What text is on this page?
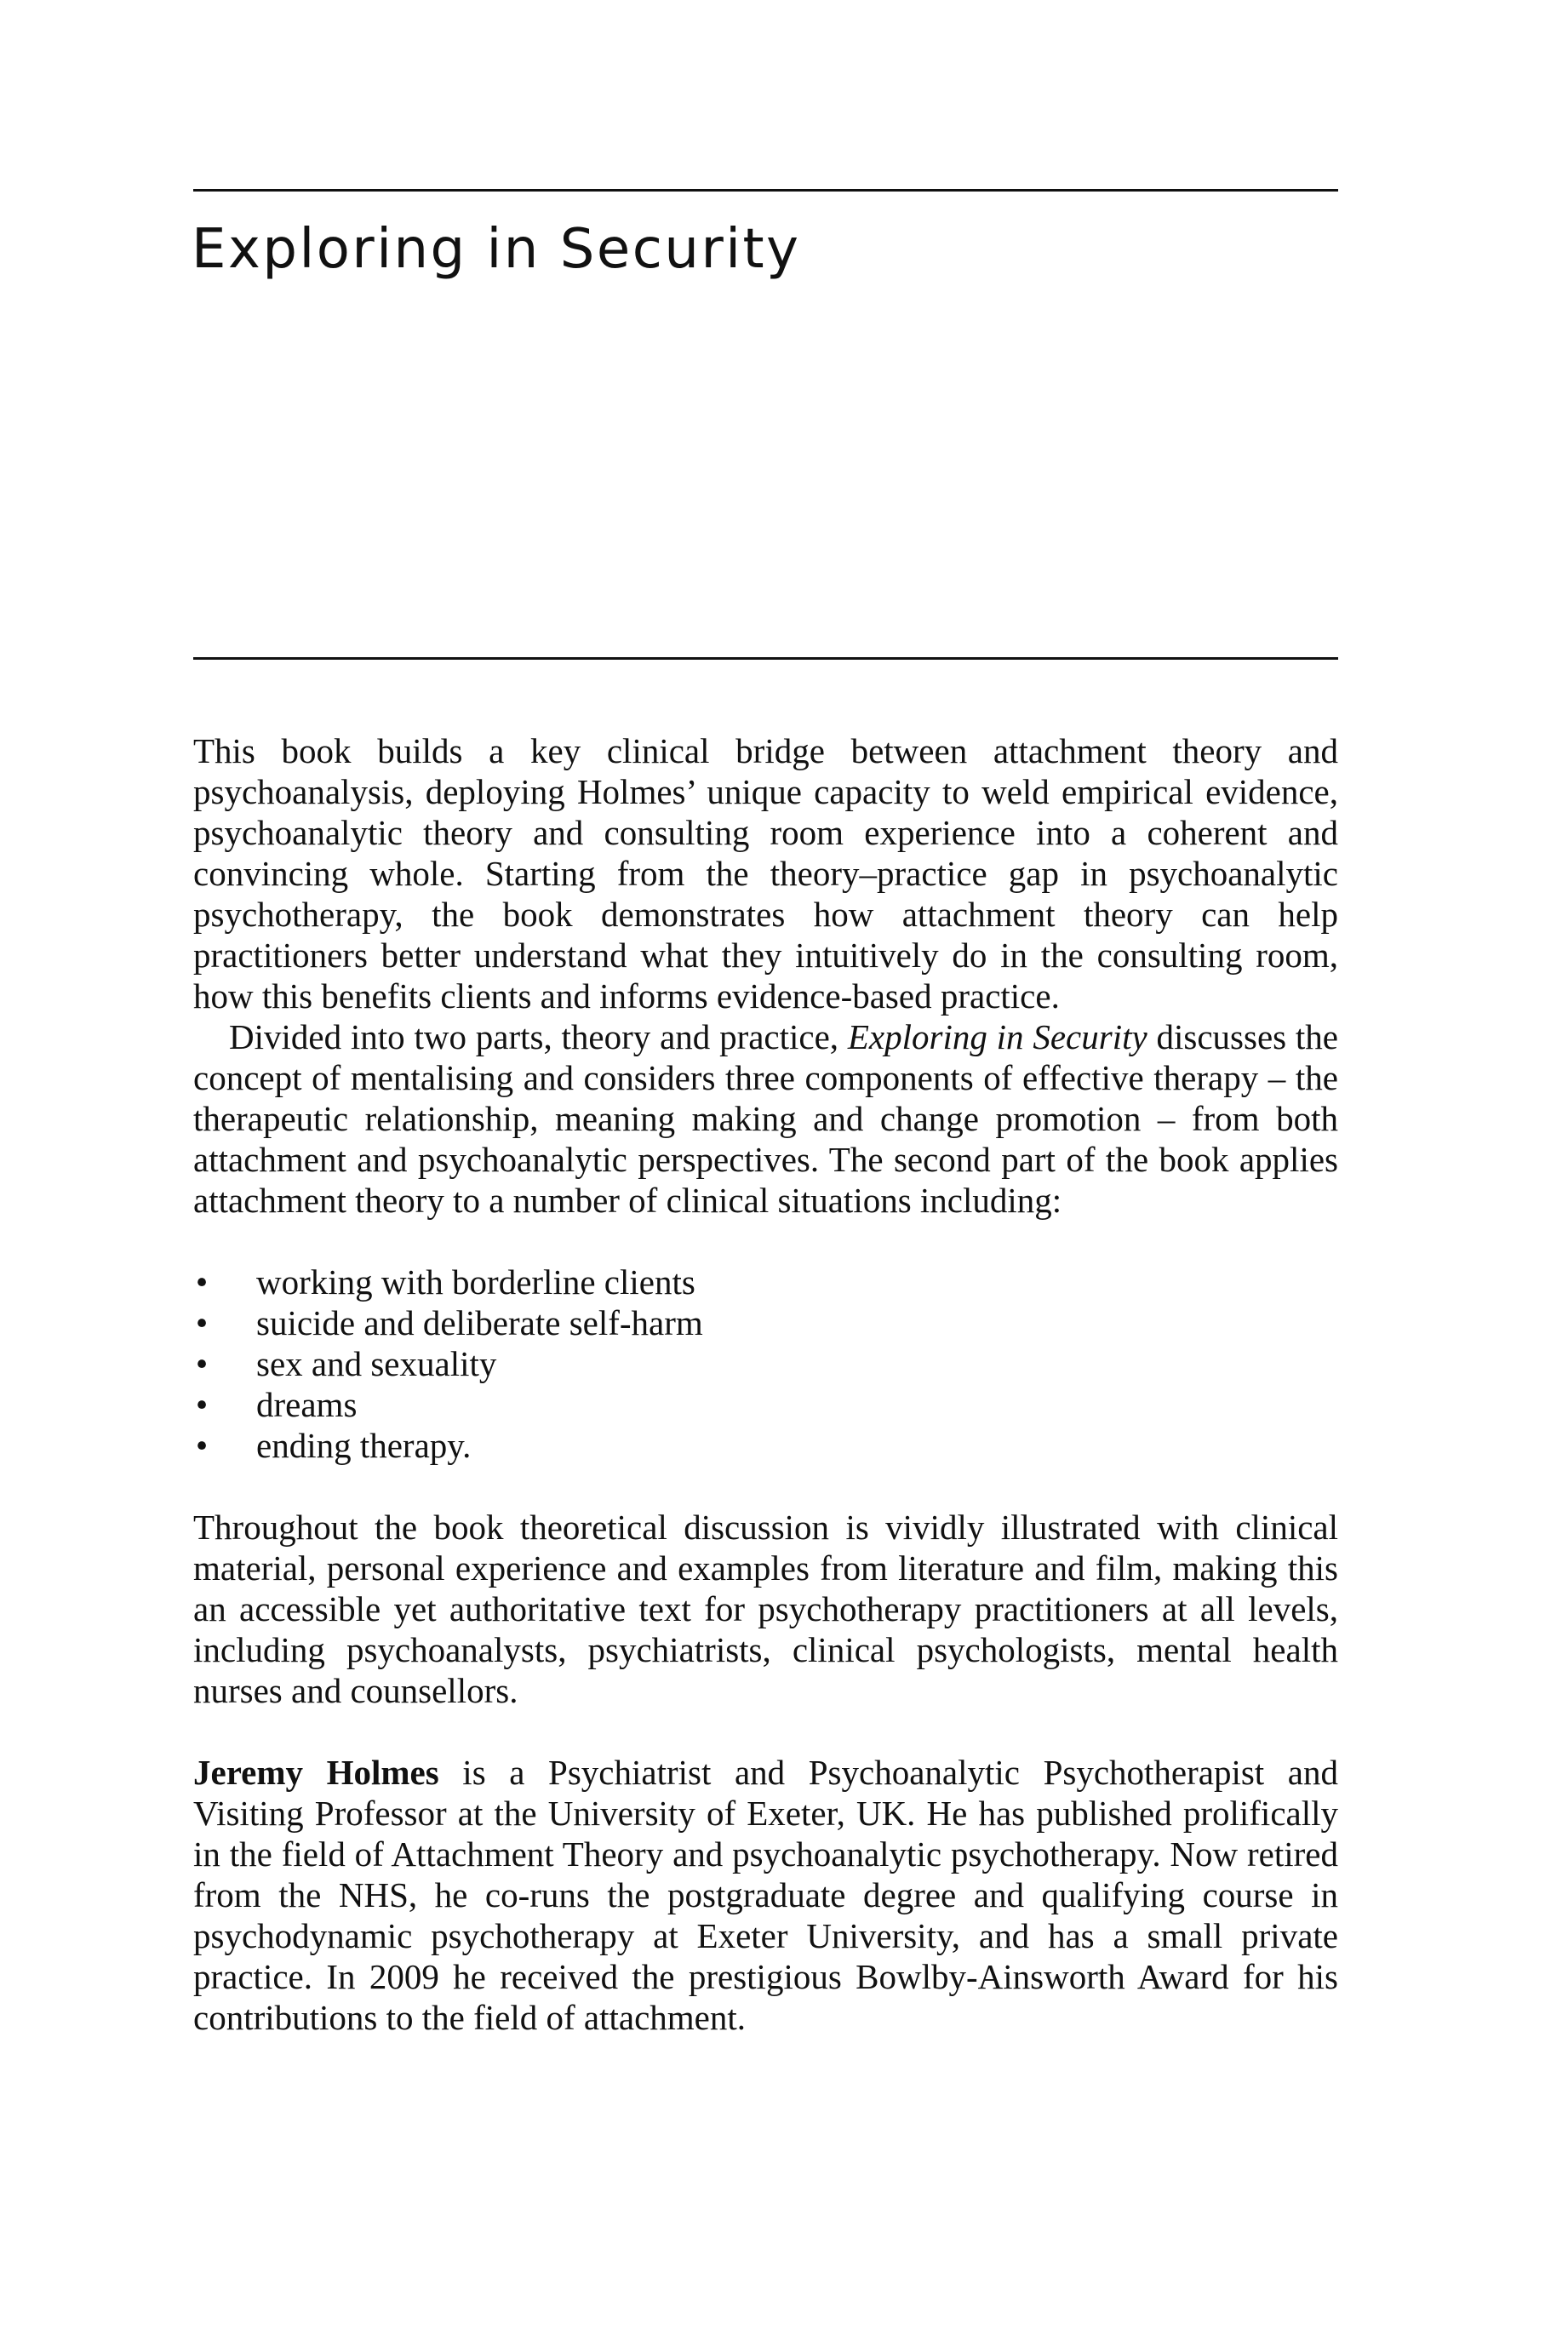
Exploring in Security

This book builds a key clinical bridge between attachment theory and psychoanalysis, deploying Holmes’ unique capacity to weld empirical evidence, psychoanalytic theory and consulting room experience into a coherent and convincing whole. Starting from the theory–practice gap in psychoanalytic psychotherapy, the book demonstrates how attachment theory can help practitioners better understand what they intuitively do in the consulting room, how this benefits clients and informs evidence-based practice.

Divided into two parts, theory and practice, Exploring in Security discusses the concept of mentalising and considers three components of effective therapy – the therapeutic relationship, meaning making and change promotion – from both attachment and psychoanalytic perspectives. The second part of the book applies attachment theory to a number of clinical situations including:

• working with borderline clients
• suicide and deliberate self-harm
• sex and sexuality
• dreams
• ending therapy.

Throughout the book theoretical discussion is vividly illustrated with clinical material, personal experience and examples from literature and film, making this an accessible yet authoritative text for psychotherapy practitioners at all levels, including psychoanalysts, psychiatrists, clinical psychologists, mental health nurses and counsellors.

Jeremy Holmes is a Psychiatrist and Psychoanalytic Psychotherapist and Visiting Professor at the University of Exeter, UK. He has published prolifically in the field of Attachment Theory and psychoanalytic psychotherapy. Now retired from the NHS, he co-runs the postgraduate degree and qualifying course in psychodynamic psychotherapy at Exeter University, and has a small private practice. In 2009 he received the prestigious Bowlby-Ainsworth Award for his contributions to the field of attachment.
